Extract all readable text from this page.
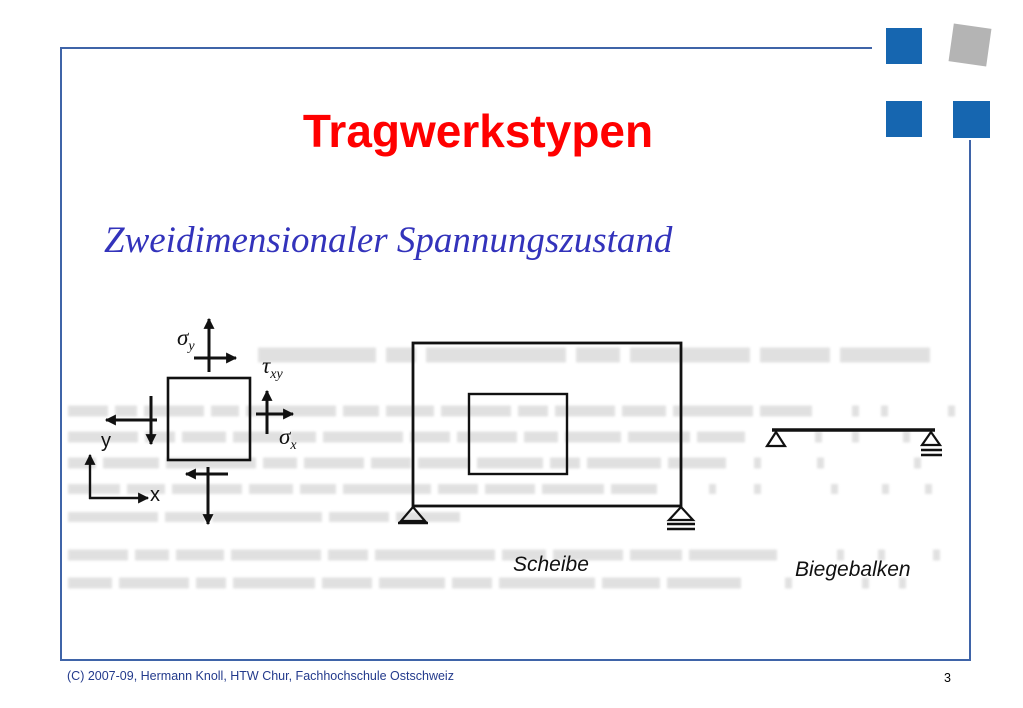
Tragwerkstypen
Zweidimensionaler Spannungszustand
σy
τxy
σx
y
x
Scheibe	Biegebalken
(C) 2007-09, Hermann Knoll, HTW Chur, Fachhochschule Ostschweiz	3
